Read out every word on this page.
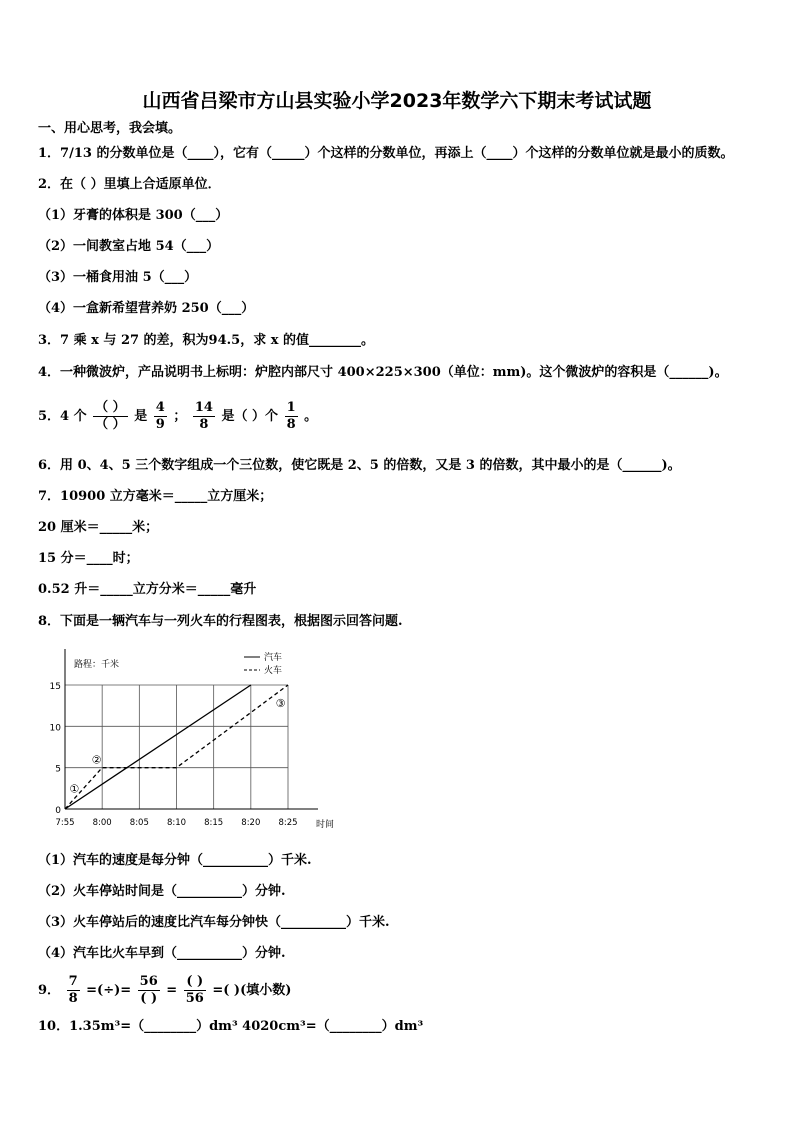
山西省吕梁市方山县实验小学2023年数学六下期末考试试题
一、用心思考，我会填。
1．7/13 的分数单位是（____），它有（_____）个这样的分数单位，再添上（____）个这样的分数单位就是最小的质数。
2．在（ ）里填上合适原单位．
（1）牙膏的体积是 300（___）
（2）一间教室占地 54（___）
（3）一桶食用油 5（___）
（4）一盒新希望营养奶 250（___）
3．7 乘 x 与 27 的差，积为94.5，求 x 的值________。
4．一种微波炉，产品说明书上标明：炉腔内部尺寸 400×225×300（单位：mm)。这个微波炉的容积是（______)。
5．4 个 $\frac{( )}{( )}$ 是 $\frac{4}{9}$ ； $\frac{14}{8}$ 是（ ）个 $\frac{1}{8}$ 。
6．用 0、4、5 三个数字组成一个三位数，使它既是 2、5 的倍数，又是 3 的倍数，其中最小的是（______)。
7．10900 立方毫米＝_____立方厘米；
20 厘米＝_____米；
15 分＝____时；
0.52 升＝_____立方分米＝_____毫升
8．下面是一辆汽车与一列火车的行程图表，根据图示回答问题.
0
5
10
15
7:55 8:00 8:05 8:10 8:15 8:20 8:25
路程：千米
时间
汽车
火车
①
②
③
（1）汽车的速度是每分钟（__________）千米.
（2）火车停站时间是（__________）分钟.
（3）火车停站后的速度比汽车每分钟快（__________）千米.
（4）汽车比火车早到（__________）分钟.
9． $\frac{7}{8}$ =(÷)= $\frac{56}{( )} = \frac{( )}{56}$ =( )(填小数)
10．1.35m³=（________）dm³ 4020cm³=（________）dm³
